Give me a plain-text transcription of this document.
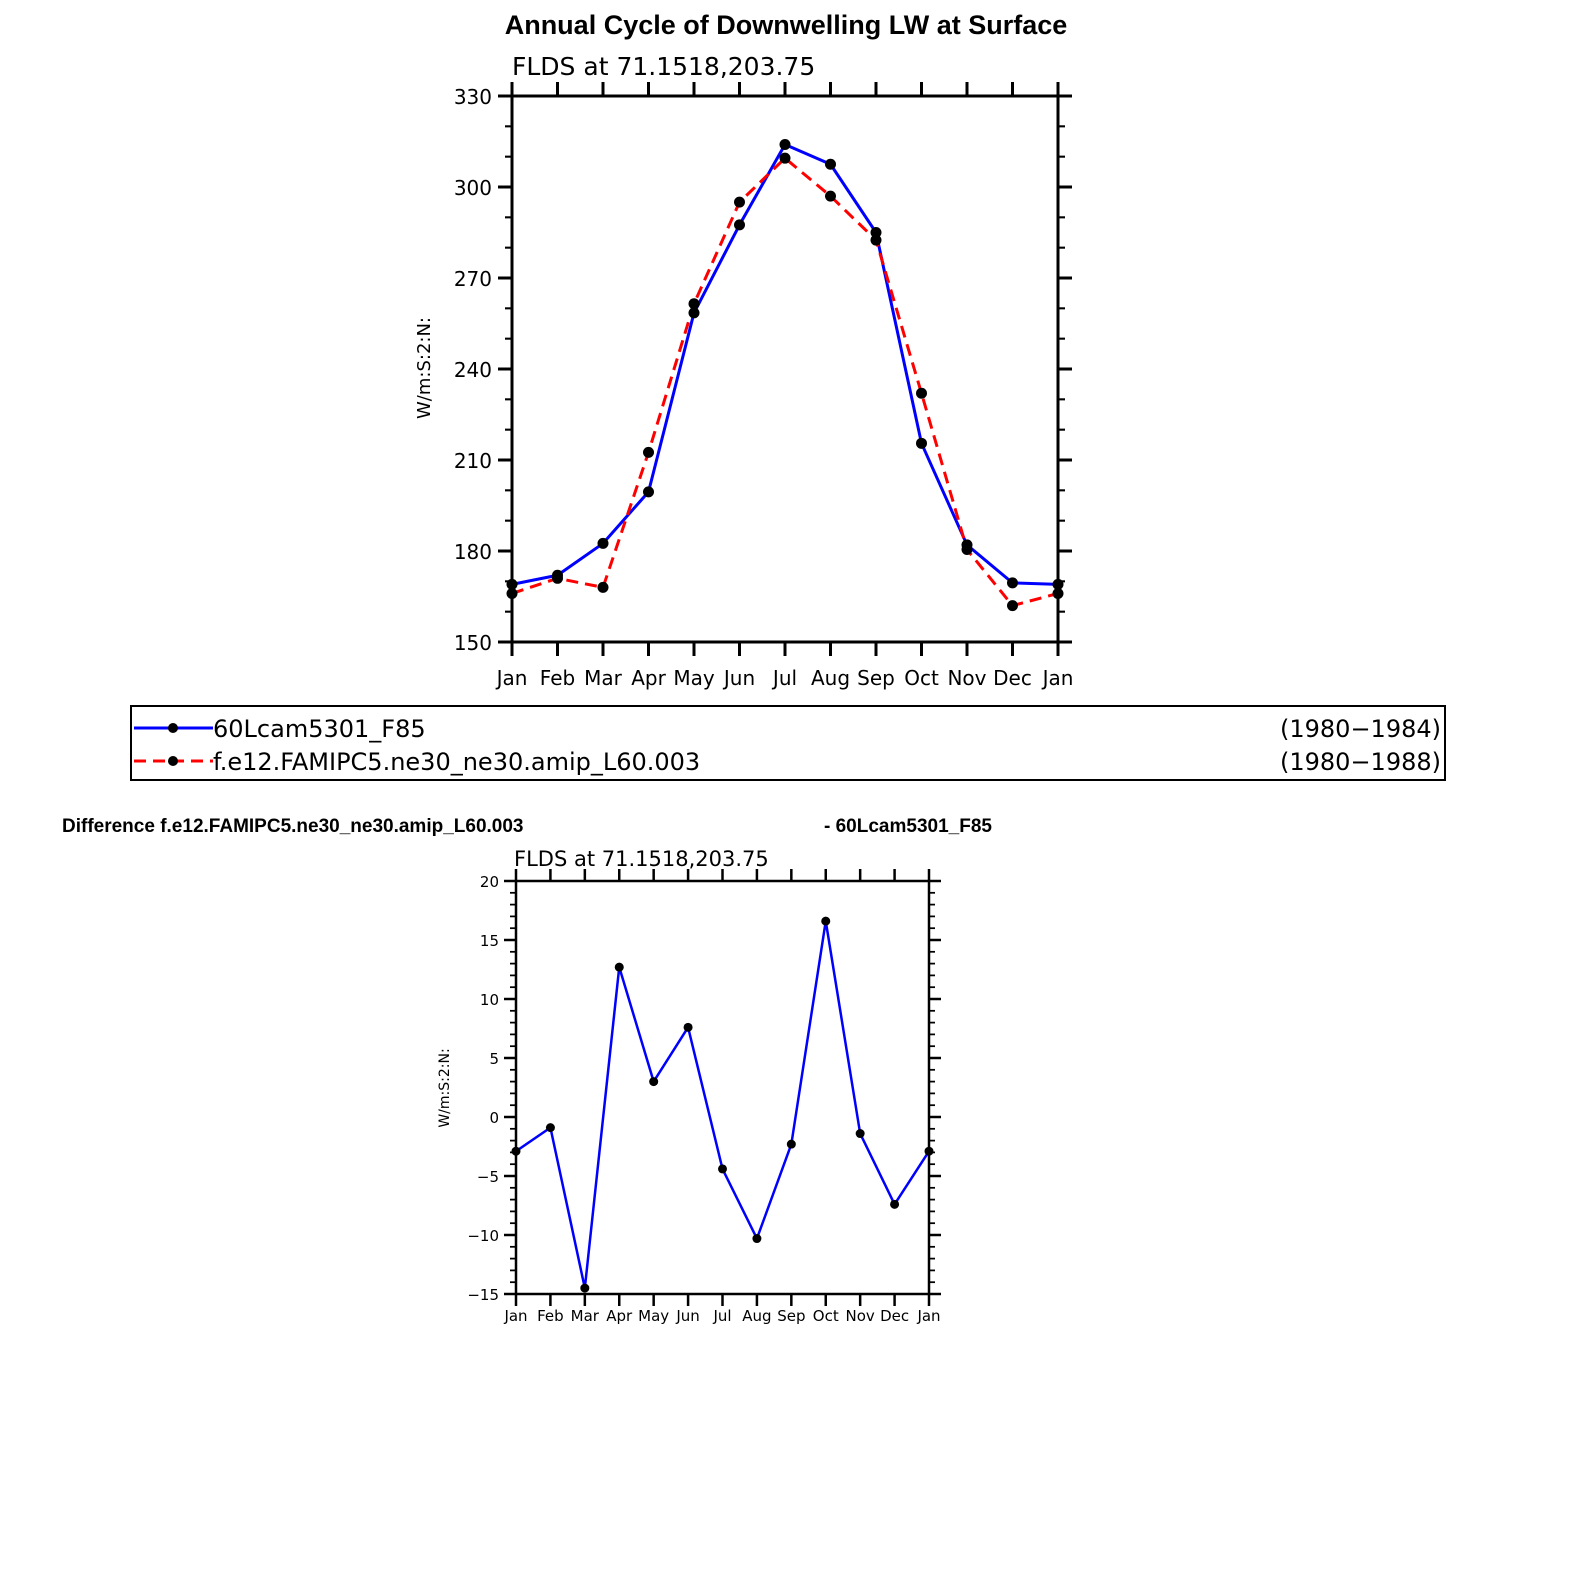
Annual Cycle of Downwelling LW at Surface
FLDS at 71.1518,203.75
W/m:S:2:N:
150
180
210
240
270
300
330
Jan Feb Mar Apr May Jun Jul Aug Sep Oct Nov Dec Jan
60Lcam5301_F85	(1980−1984)
f.e12.FAMIPC5.ne30_ne30.amip_L60.003	(1980−1988)
Difference f.e12.FAMIPC5.ne30_ne30.amip_L60.003	- 60Lcam5301_F85
FLDS at 71.1518,203.75
W/m:S:2:N:
−15
−10
−5
0
5
10
15
20
Jan Feb Mar Apr May Jun Jul Aug Sep Oct Nov Dec Jan
